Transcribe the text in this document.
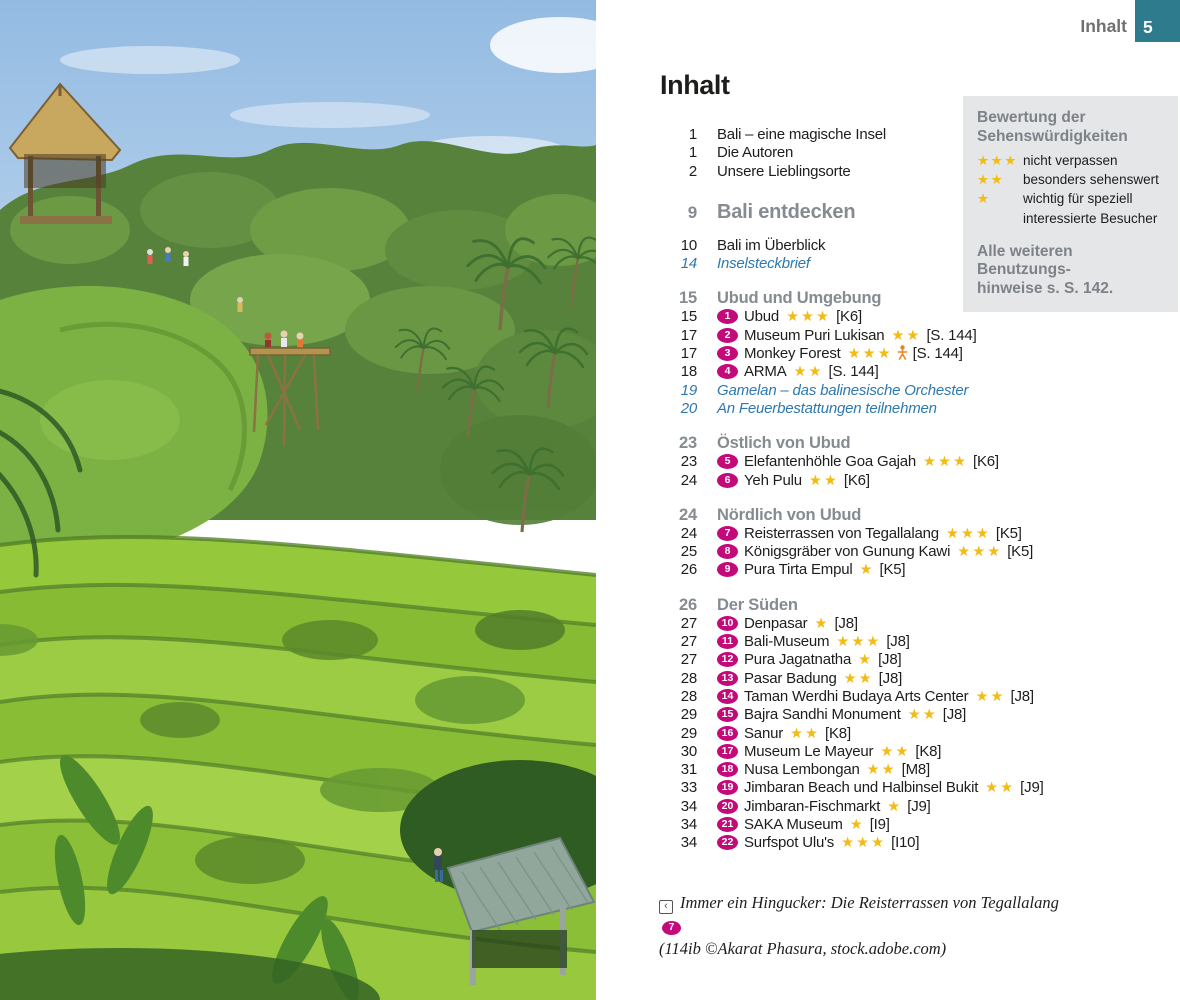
Inhalt 5
Inhalt
1 Bali – eine magische Insel
1 Die Autoren
2 Unsere Lieblingsorte
9 Bali entdecken
10 Bali im Überblick
14 Inselsteckbrief
15 Ubud und Umgebung
15	1 Ubud ★★★ [K6]
17	2 Museum Puri Lukisan ★★ [S. 144]
17	3 Monkey Forest ★★★ [S. 144]
18	4 ARMA ★★ [S. 144]
19 Gamelan – das balinesische Orchester
20 An Feuerbestattungen teilnehmen
23 Östlich von Ubud
23	5 Elefantenhöhle Goa Gajah ★★★ [K6]
24	6 Yeh Pulu ★★ [K6]
24 Nördlich von Ubud
24	7 Reisterrassen von Tegallalang ★★★ [K5]
25	8 Königsgräber von Gunung Kawi ★★★ [K5]
26	9 Pura Tirta Empul ★ [K5]
26 Der Süden
27	10 Denpasar ★ [J8]
27	11 Bali-Museum ★★★ [J8]
27	12 Pura Jagatnatha ★ [J8]
28	13 Pasar Badung ★★ [J8]
28	14 Taman Werdhi Budaya Arts Center ★★ [J8]
29	15 Bajra Sandhi Monument ★★ [J8]
29	16 Sanur ★★ [K8]
30	17 Museum Le Mayeur ★★ [K8]
31	18 Nusa Lembongan ★★ [M8]
33	19 Jimbaran Beach und Halbinsel Bukit ★★ [J9]
34	20 Jimbaran-Fischmarkt ★ [J9]
34	21 SAKA Museum ★ [I9]
34	22 Surfspot Ulu's ★★★ [I10]
Bewertung der
Sehenswürdigkeiten
★★★ nicht verpassen
★★	besonders sehenswert
★	wichtig für speziell interessierte Besucher
Alle weiteren Benutzungs-
hinweise s. S. 142.
‹ Immer ein Hingucker: Die Reisterrassen von Tegallalang7
(114ib ©Akarat Phasura, stock.adobe.com)
